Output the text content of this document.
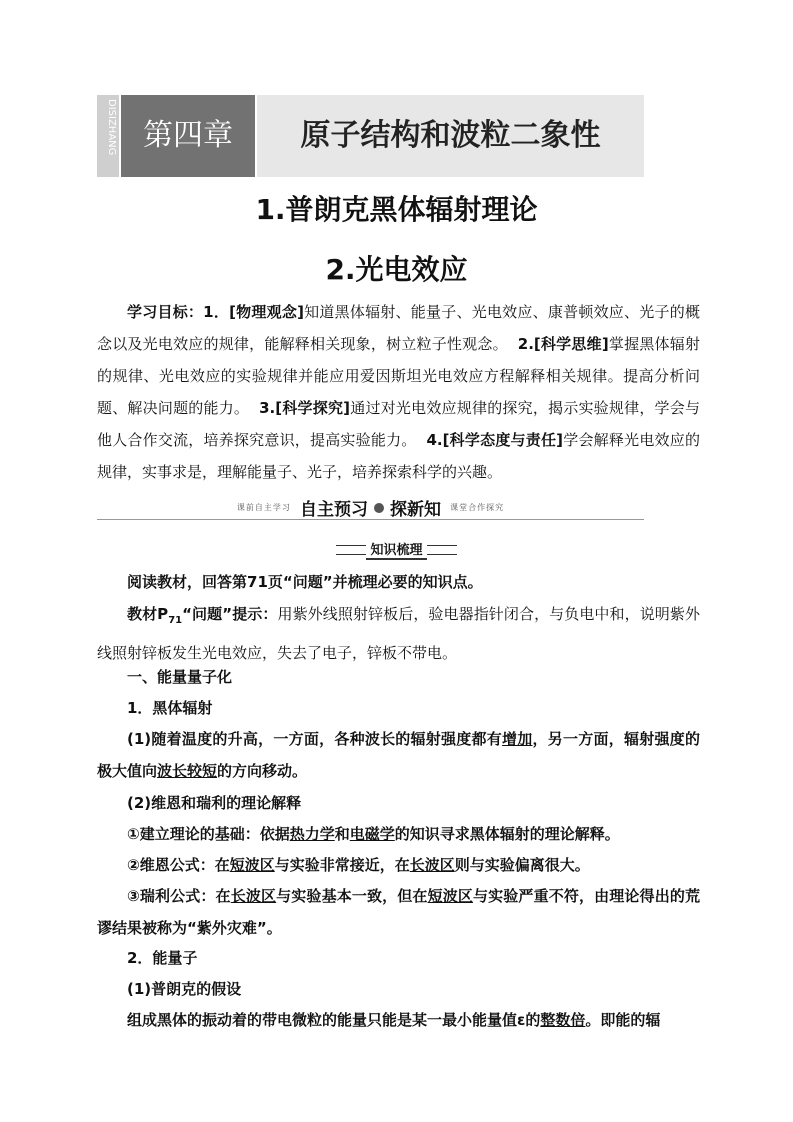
DISIZHANG 第四章	原子结构和波粒二象性
1.普朗克黑体辐射理论
2.光电效应
学习目标：1．[物理观念]知道黑体辐射、能量子、光电效应、康普顿效应、光子的概念以及光电效应的规律，能解释相关现象，树立粒子性观念。 2.[科学思维]掌握黑体辐射的规律、光电效应的实验规律并能应用爱因斯坦光电效应方程解释相关规律。提高分析问题、解决问题的能力。 3.[科学探究]通过对光电效应规律的探究，揭示实验规律，学会与他人合作交流，培养探究意识，提高实验能力。 4.[科学态度与责任]学会解释光电效应的规律，实事求是，理解能量子、光子，培养探索科学的兴趣。
课前自主学习 自主预习 探新知 课堂合作探究
知识梳理
阅读教材，回答第71页“问题”并梳理必要的知识点。
教材$P_{71}“$问题”提示：用紫外线照射锌板后，验电器指针闭合，与负电中和，说明紫外线照射锌板发生光电效应，失去了电子，锌板不带电。
一、能量量子化
1．黑体辐射
(1)随着温度的升高，一方面，各种波长的辐射强度都有增加，另一方面，辐射强度的极大值向波长较短的方向移动。
(2)维恩和瑞利的理论解释
①建立理论的基础：依据热力学和电磁学的知识寻求黑体辐射的理论解释。
②维恩公式：在短波区与实验非常接近，在长波区则与实验偏离很大。
③瑞利公式：在长波区与实验基本一致，但在短波区与实验严重不符，由理论得出的荒谬结果被称为“紫外灾难”。
2．能量子
(1)普朗克的假设
组成黑体的振动着的带电微粒的能量只能是某一最小能量值ε的整数倍。即能的辐
